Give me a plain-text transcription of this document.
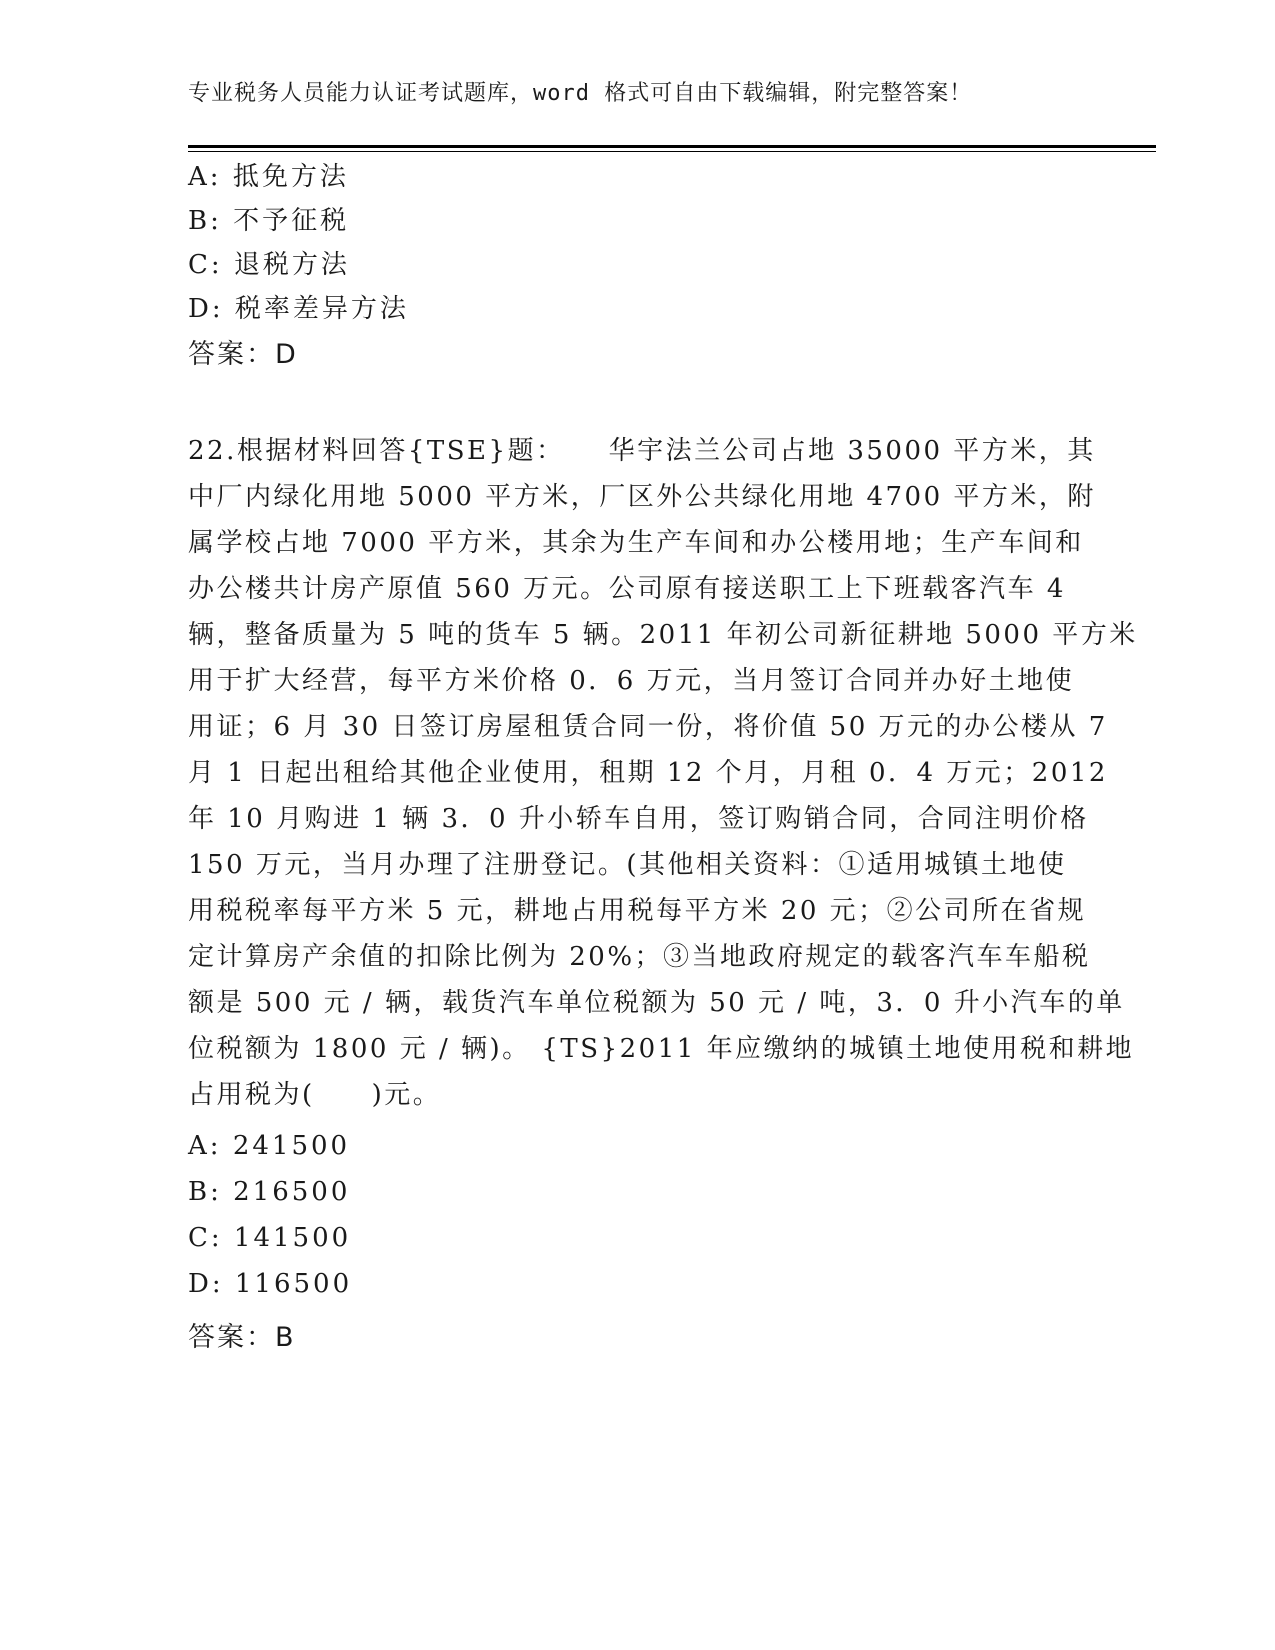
专业税务人员能力认证考试题库，word 格式可自由下载编辑，附完整答案！
A: 抵免方法
B: 不予征税
C: 退税方法
D: 税率差异方法
答案：D
22.根据材料回答{TSE}题：　　华宇法兰公司占地 35000 平方米，其
中厂内绿化用地 5000 平方米，厂区外公共绿化用地 4700 平方米，附
属学校占地 7000 平方米，其余为生产车间和办公楼用地；生产车间和
办公楼共计房产原值 560 万元。公司原有接送职工上下班载客汽车 4
辆，整备质量为 5 吨的货车 5 辆。2011 年初公司新征耕地 5000 平方米
用于扩大经营，每平方米价格 0．6 万元，当月签订合同并办好土地使
用证；6 月 30 日签订房屋租赁合同一份，将价值 50 万元的办公楼从 7
月 1 日起出租给其他企业使用，租期 12 个月，月租 0．4 万元；2012
年 10 月购进 1 辆 3．0 升小轿车自用，签订购销合同，合同注明价格
150 万元，当月办理了注册登记。(其他相关资料：①适用城镇土地使
用税税率每平方米 5 元，耕地占用税每平方米 20 元；②公司所在省规
定计算房产余值的扣除比例为 20%；③当地政府规定的载客汽车车船税
额是 500 元 / 辆，载货汽车单位税额为 50 元 / 吨，3．0 升小汽车的单
位税额为 1800 元 / 辆)。 {TS}2011 年应缴纳的城镇土地使用税和耕地
占用税为(　　)元。
A: 241500
B: 216500
C: 141500
D: 116500
答案：B
